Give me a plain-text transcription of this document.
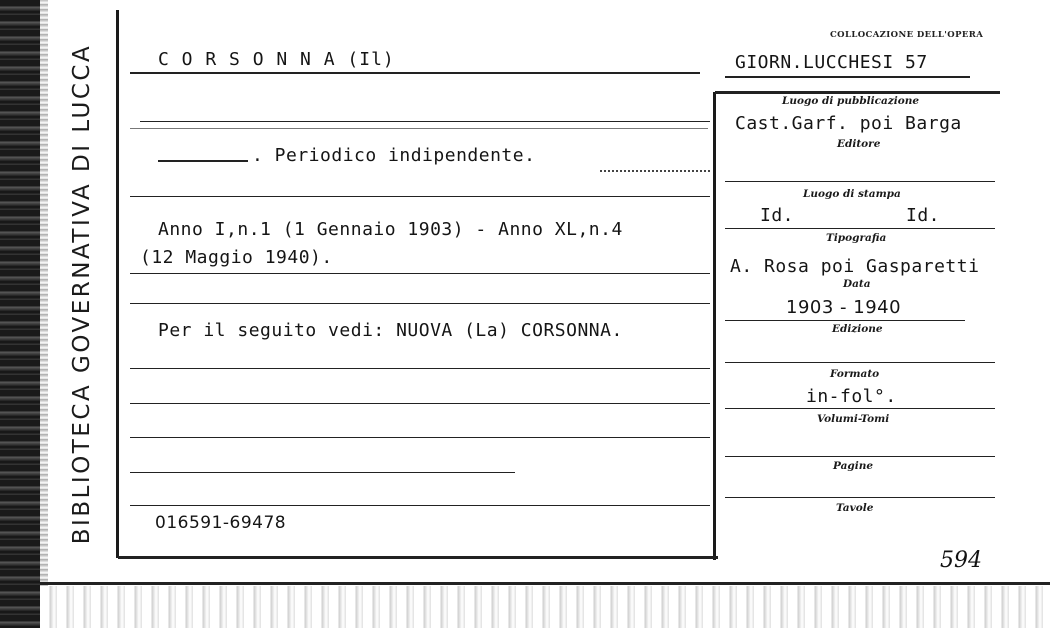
BIBLIOTECA GOVERNATIVA DI LUCCA	C O R S O N N A (Il)
. Periodico indipendente.
Anno I,n.1 (1 Gennaio 1903) - Anno XL,n.4
(12 Maggio 1940).
Per il seguito vedi: NUOVA (La) CORSONNA.
016591-69478
COLLOCAZIONE DELL'OPERA
GIORN.LUCCHESI 57
Luogo di pubblicazione
Cast.Garf. poi Barga
Editore
Luogo di stampa
Id.	Id.
Tipografia
A. Rosa poi Gasparetti
Data
1903 - 1940
Edizione
Formato
in-fol°.
Volumi-Tomi
Pagine
Tavole
594
